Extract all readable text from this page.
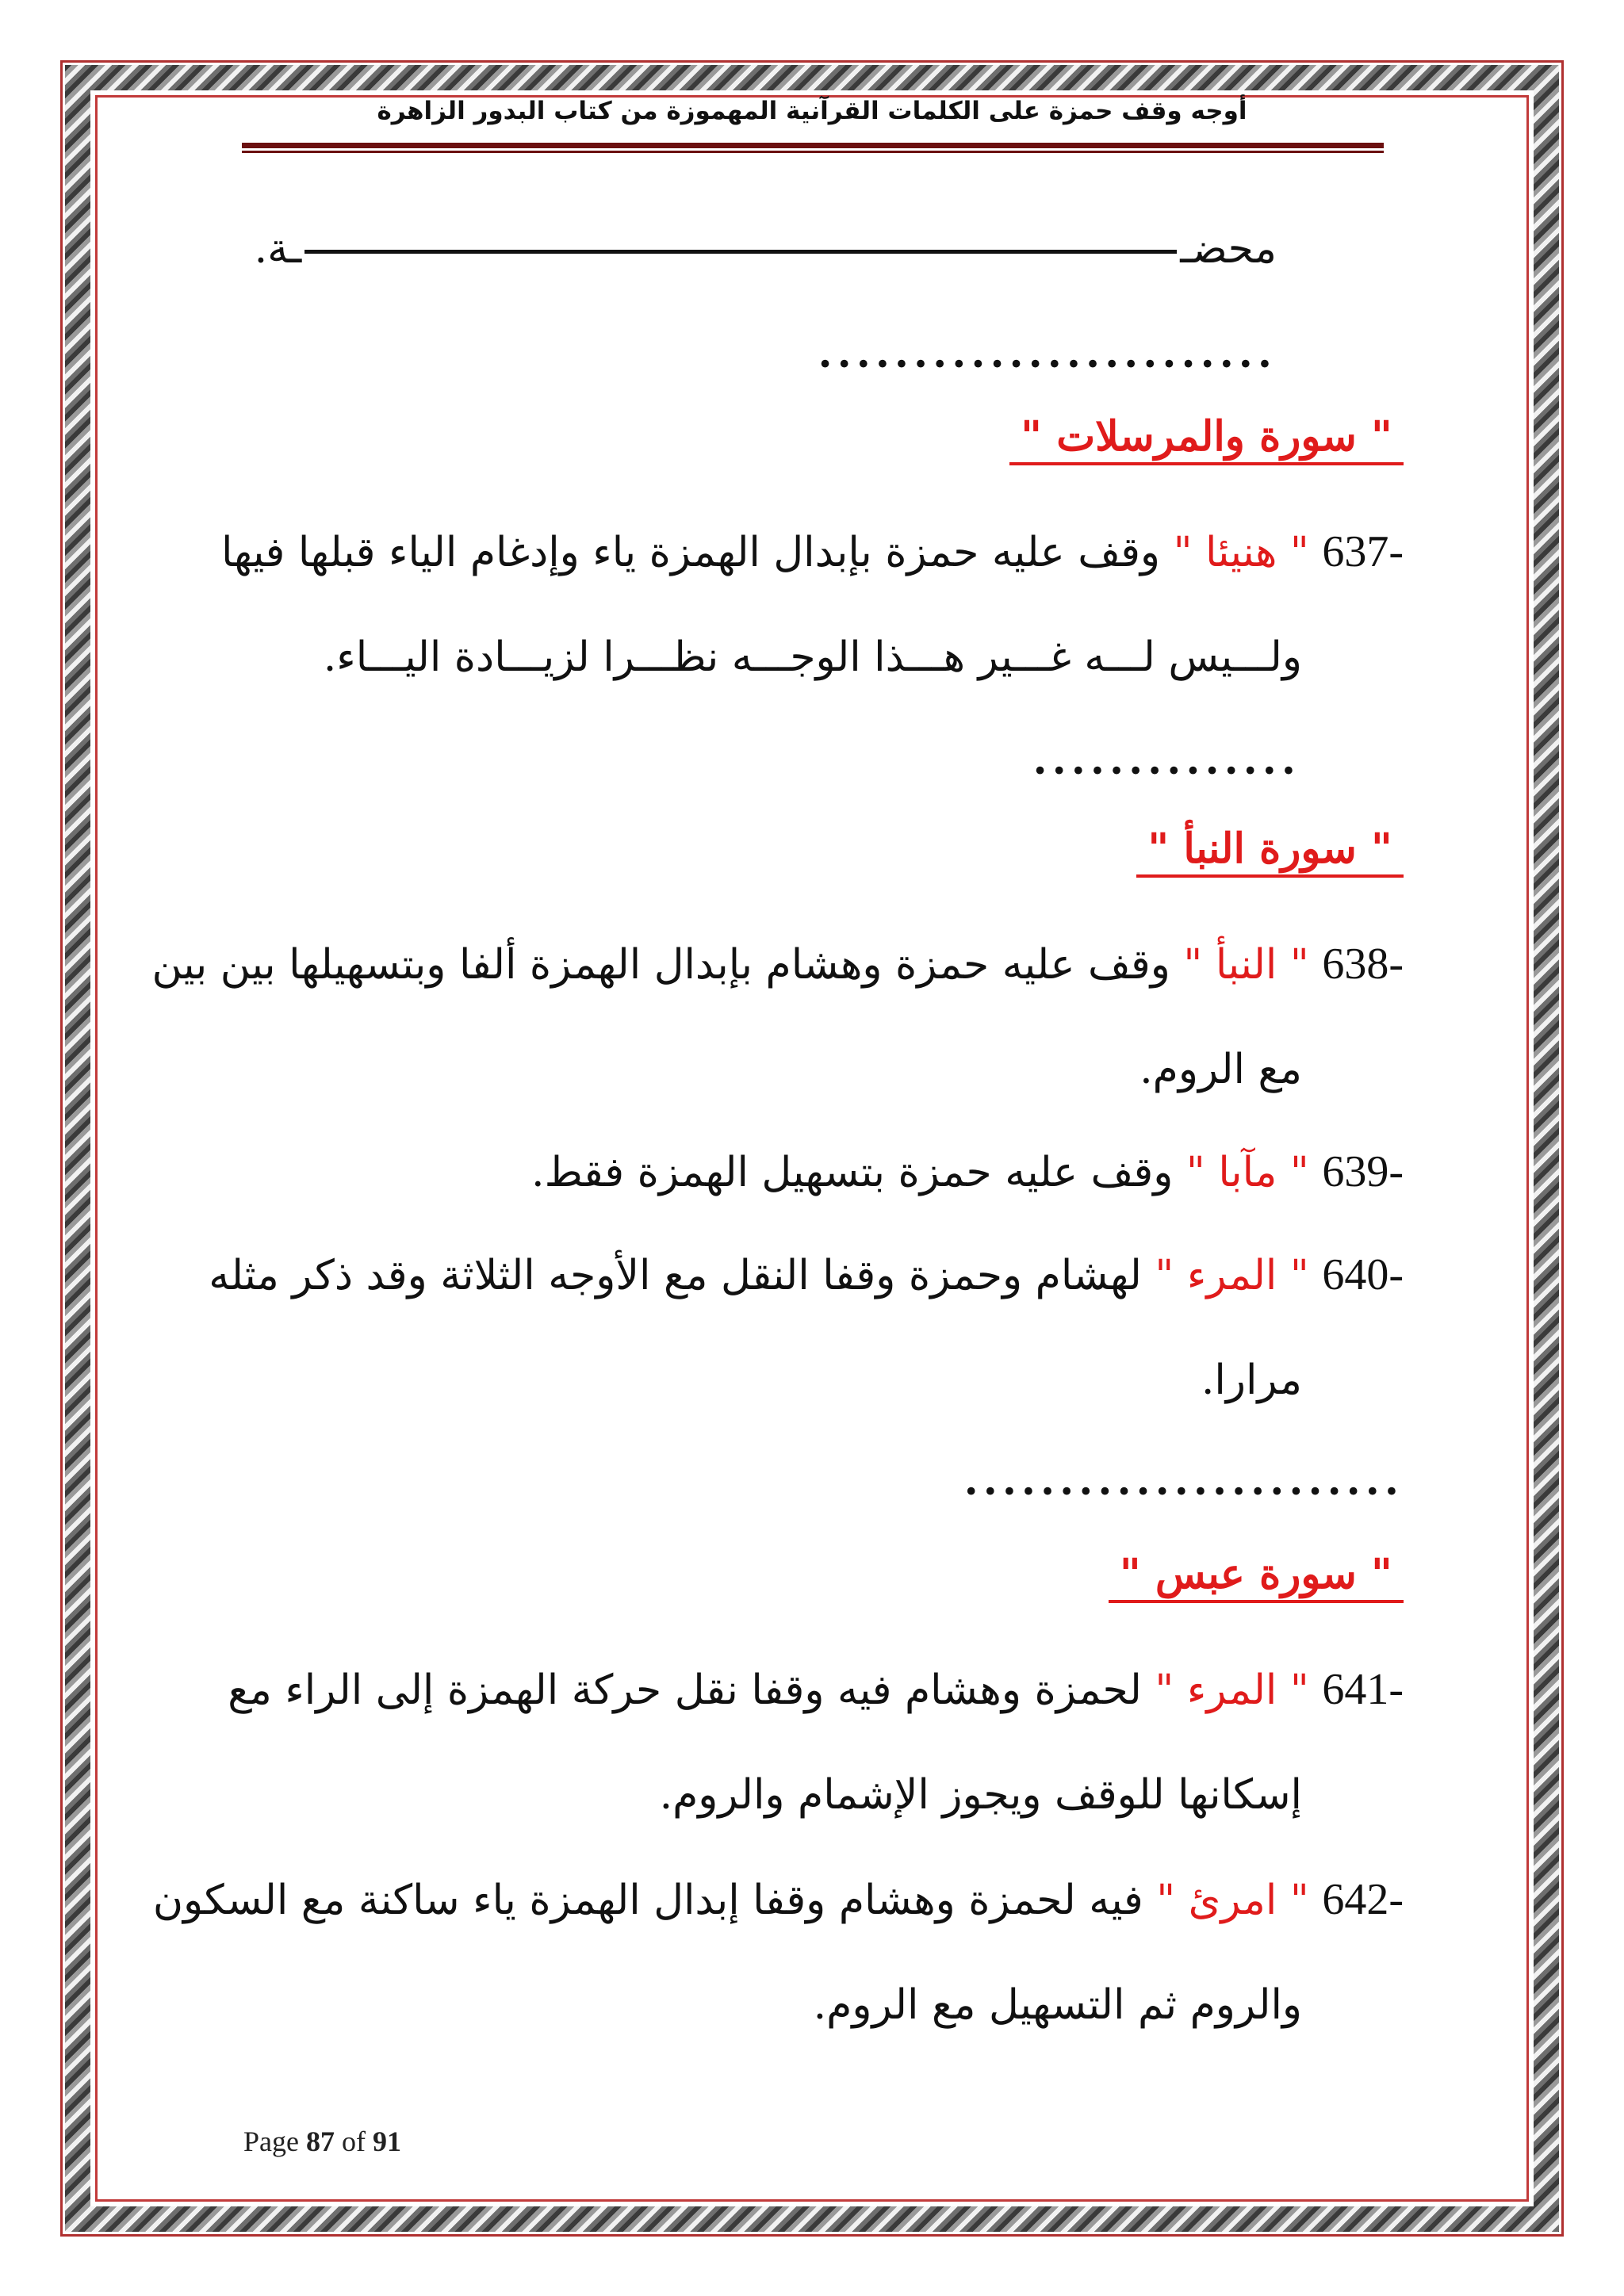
أوجه وقف حمزة على الكلمات القرآنية المهموزة من كتاب البدور الزاهرة
محضــة.
........................
" سورة والمرسلات "
637- " هنيئا " وقف عليه حمزة بإبدال الهمزة ياء وإدغام الياء قبلها فيها
ولـــيس لـــه غـــير هـــذا الوجـــه نظـــرا لزيـــادة اليـــاء.
..............
" سورة النبأ "
638- " النبأ " وقف عليه حمزة وهشام بإبدال الهمزة ألفا وبتسهيلها بين بين
مع الروم.
639- " مآبا " وقف عليه حمزة بتسهيل الهمزة فقط.
640- " المرء " لهشام وحمزة وقفا النقل مع الأوجه الثلاثة وقد ذكر مثله
مرارا.
.......................
" سورة عبس "
641- " المرء " لحمزة وهشام فيه وقفا نقل حركة الهمزة إلى الراء مع
إسكانها للوقف ويجوز الإشمام والروم.
642- " امرئ " فيه لحمزة وهشام وقفا إبدال الهمزة ياء ساكنة مع السكون
والروم ثم التسهيل مع الروم.
Page 87 of 91
